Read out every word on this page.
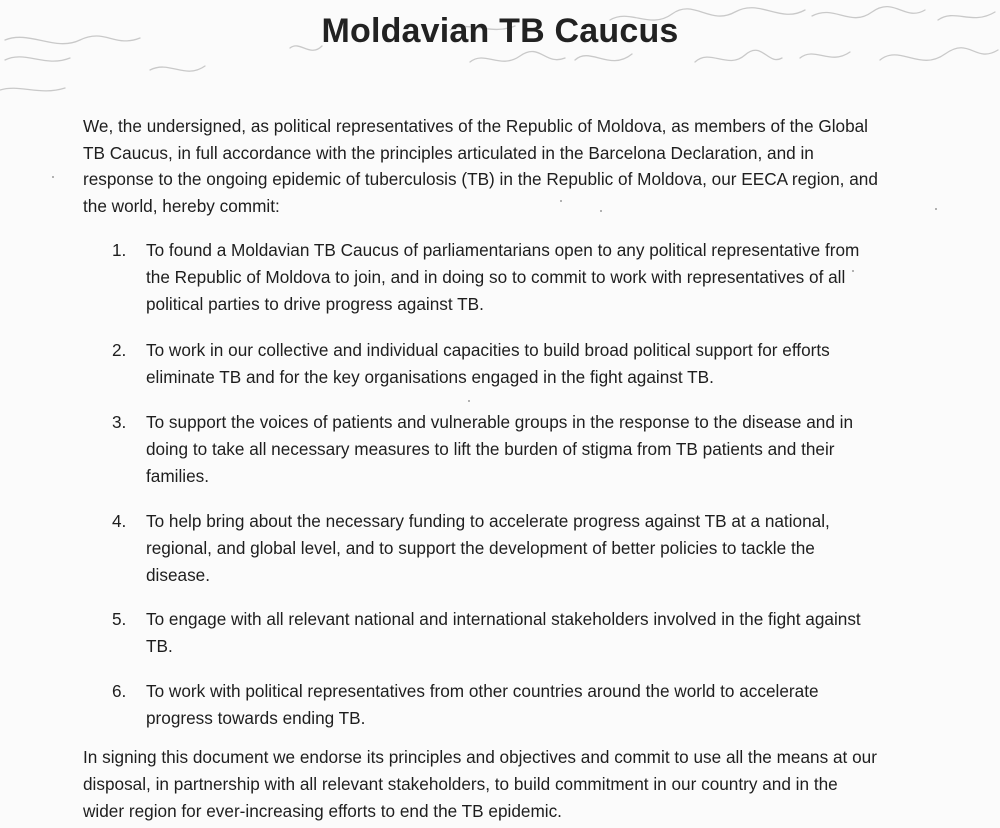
Moldavian TB Caucus

We, the undersigned, as political representatives of the Republic of Moldova, as members of the Global TB Caucus, in full accordance with the principles articulated in the Barcelona Declaration, and in response to the ongoing epidemic of tuberculosis (TB) in the Republic of Moldova, our EECA region, and the world, hereby commit:

1.	To found a Moldavian TB Caucus of parliamentarians open to any political representative from the Republic of Moldova to join, and in doing so to commit to work with representatives of all political parties to drive progress against TB.
2.	To work in our collective and individual capacities to build broad political support for efforts eliminate TB and for the key organisations engaged in the fight against TB.
3.	To support the voices of patients and vulnerable groups in the response to the disease and in doing to take all necessary measures to lift the burden of stigma from TB patients and their families.
4.	To help bring about the necessary funding to accelerate progress against TB at a national, regional, and global level, and to support the development of better policies to tackle the disease.
5.	To engage with all relevant national and international stakeholders involved in the fight against TB.
6.	To work with political representatives from other countries around the world to accelerate progress towards ending TB.

In signing this document we endorse its principles and objectives and commit to use all the means at our disposal, in partnership with all relevant stakeholders, to build commitment in our country and in the wider region for ever-increasing efforts to end the TB epidemic.
